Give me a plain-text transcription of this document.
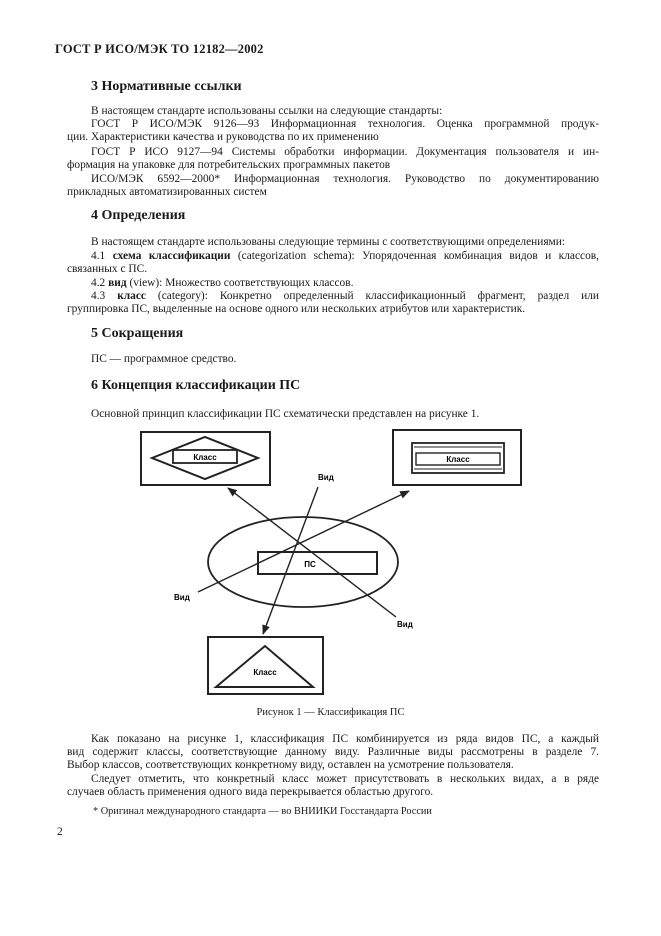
ГОСТ Р ИСО/МЭК ТО 12182—2002
3 Нормативные ссылки
В настоящем стандарте использованы ссылки на следующие стандарты:
ГОСТ Р ИСО/МЭК 9126—93 Информационная технология. Оценка программной продук-
ции. Характеристики качества и руководства по их применению
ГОСТ Р ИСО 9127—94 Системы обработки информации. Документация пользователя и ин-
формация на упаковке для потребительских программных пакетов
ИСО/МЭК 6592—2000* Информационная технология. Руководство по документированию
прикладных автоматизированных систем
4 Определения
В настоящем стандарте использованы следующие термины с соответствующими определениями:
4.1 схема классификации (categorization schema): Упорядоченная комбинация видов и классов,
связанных с ПС.
4.2 вид (view): Множество соответствующих классов.
4.3 класс (category): Конкретно определенный классификационный фрагмент, раздел или
группировка ПС, выделенные на основе одного или нескольких атрибутов или характеристик.
5 Сокращения
ПС — программное средство.
6 Концепция классификации ПС
Основной принцип классификации ПС схематически представлен на рисунке 1.
Класс	Класс
Класс
ПС
Вид
Вид
Вид
Рисунок 1 — Классификация ПС
Как показано на рисунке 1, классификация ПС комбинируется из ряда видов ПС, а каждый
вид содержит классы, соответствующие данному виду. Различные виды рассмотрены в разделе 7.
Выбор классов, соответствующих конкретному виду, оставлен на усмотрение пользователя.
Следует отметить, что конкретный класс может присутствовать в нескольких видах, а в ряде
случаев область применения одного вида перекрывается областью другого.
* Оригинал международного стандарта — во ВНИИКИ Госстандарта России
2
